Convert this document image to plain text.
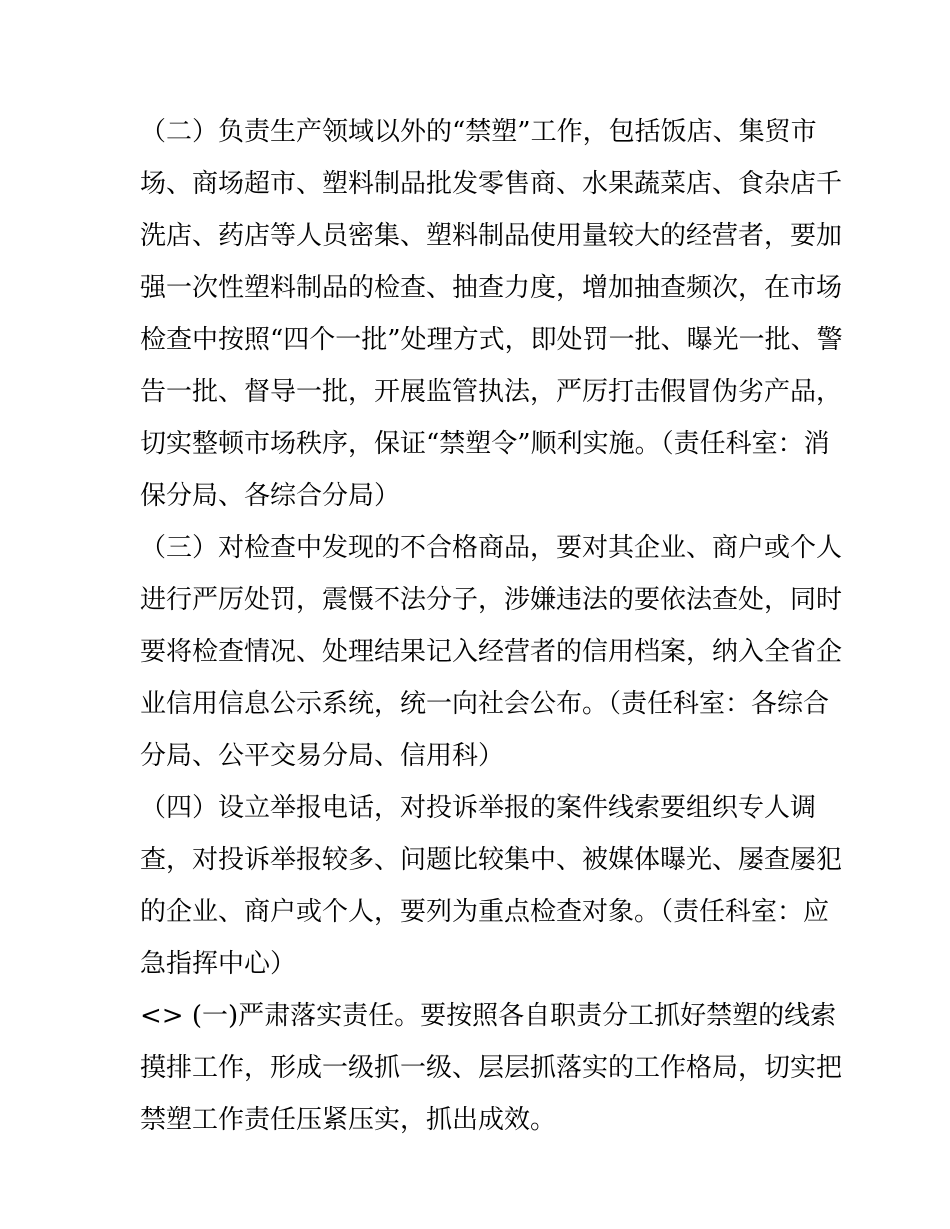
（二）负责生产领域以外的“禁塑”工作，包括饭店、集贸市
场、商场超市、塑料制品批发零售商、水果蔬菜店、食杂店千
洗店、药店等人员密集、塑料制品使用量较大的经营者，要加
强一次性塑料制品的检查、抽查力度，增加抽查频次，在市场
检查中按照“四个一批”处理方式，即处罚一批、曝光一批、警
告一批、督导一批，开展监管执法，严厉打击假冒伪劣产品，
切实整顿市场秩序，保证“禁塑令”顺利实施。（责任科室：消
保分局、各综合分局）
（三）对检查中发现的不合格商品，要对其企业、商户或个人
进行严厉处罚，震慑不法分子，涉嫌违法的要依法查处，同时
要将检查情况、处理结果记入经营者的信用档案，纳入全省企
业信用信息公示系统，统一向社会公布。（责任科室：各综合
分局、公平交易分局、信用科）
（四）设立举报电话，对投诉举报的案件线索要组织专人调
查，对投诉举报较多、问题比较集中、被媒体曝光、屡查屡犯
的企业、商户或个人，要列为重点检查对象。（责任科室：应
急指挥中心）
<> (一)严肃落实责任。要按照各自职责分工抓好禁塑的线索
摸排工作，形成一级抓一级、层层抓落实的工作格局，切实把
禁塑工作责任压紧压实，抓出成效。
